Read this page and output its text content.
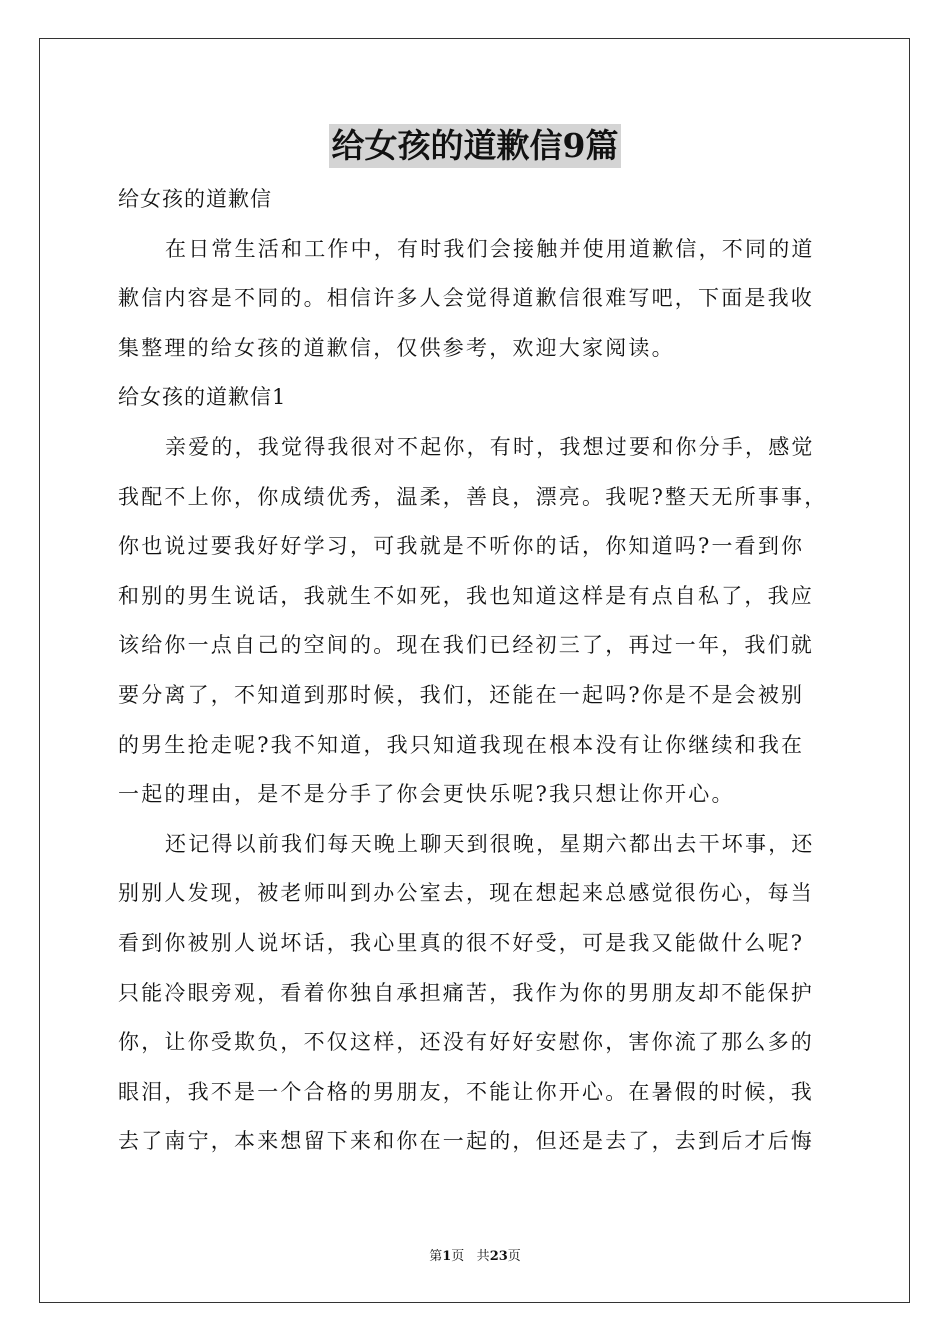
给女孩的道歉信9篇
给女孩的道歉信
在日常生活和工作中，有时我们会接触并使用道歉信，不同的道
歉信内容是不同的。相信许多人会觉得道歉信很难写吧，下面是我收
集整理的给女孩的道歉信，仅供参考，欢迎大家阅读。
给女孩的道歉信1
亲爱的，我觉得我很对不起你，有时，我想过要和你分手，感觉
我配不上你，你成绩优秀，温柔，善良，漂亮。我呢?整天无所事事，
你也说过要我好好学习，可我就是不听你的话，你知道吗?一看到你
和别的男生说话，我就生不如死，我也知道这样是有点自私了，我应
该给你一点自己的空间的。现在我们已经初三了，再过一年，我们就
要分离了，不知道到那时候，我们，还能在一起吗?你是不是会被别
的男生抢走呢?我不知道，我只知道我现在根本没有让你继续和我在
一起的理由，是不是分手了你会更快乐呢?我只想让你开心。
还记得以前我们每天晚上聊天到很晚，星期六都出去干坏事，还
别别人发现，被老师叫到办公室去，现在想起来总感觉很伤心，每当
看到你被别人说坏话，我心里真的很不好受，可是我又能做什么呢?
只能冷眼旁观，看着你独自承担痛苦，我作为你的男朋友却不能保护
你，让你受欺负，不仅这样，还没有好好安慰你，害你流了那么多的
眼泪，我不是一个合格的男朋友，不能让你开心。在暑假的时候，我
去了南宁，本来想留下来和你在一起的，但还是去了，去到后才后悔
第1页 共23页
